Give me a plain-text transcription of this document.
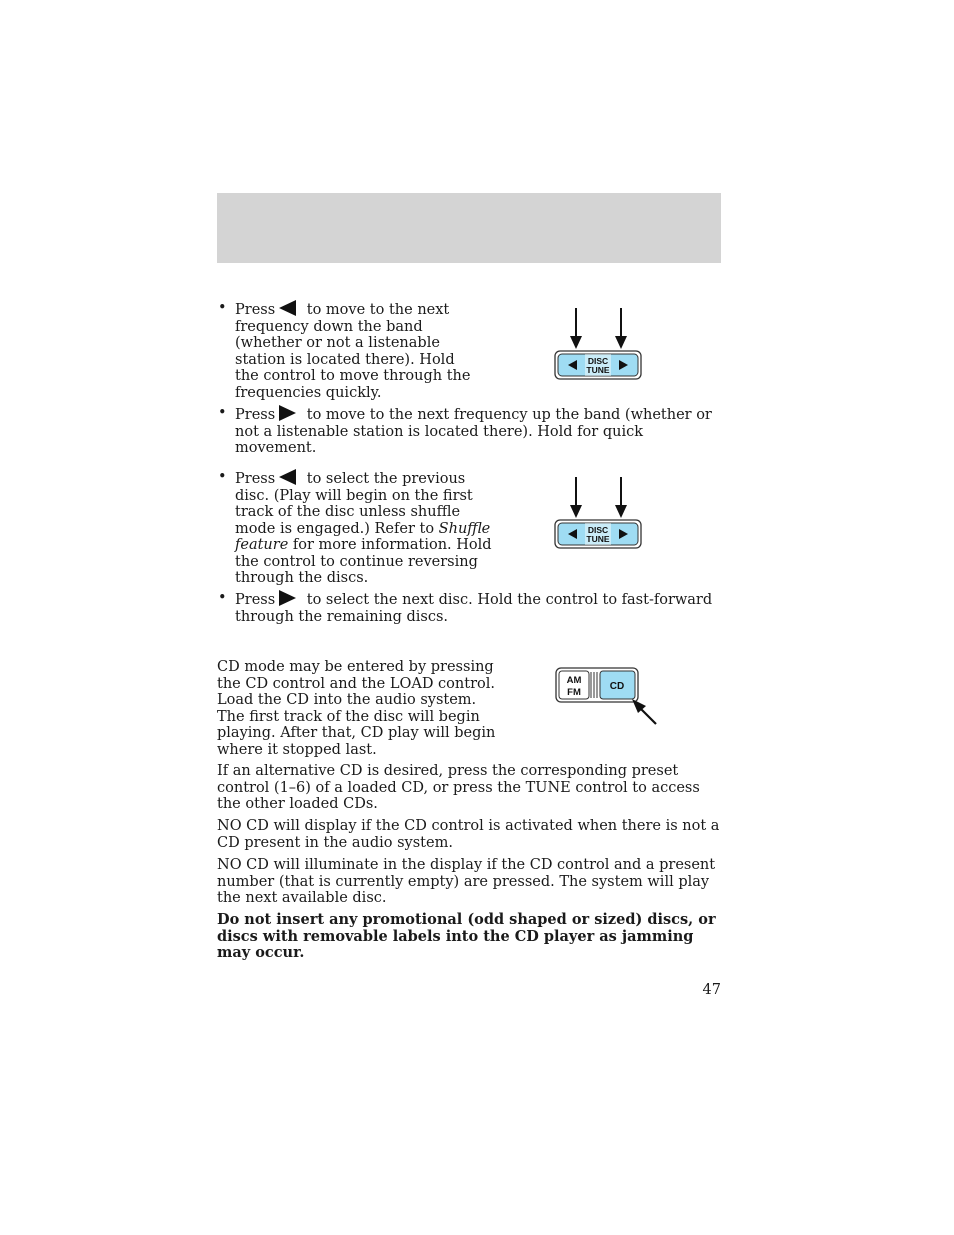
• Press to move to the next frequency down the band (whether or not a listenable station is located there). Hold the control to move through the frequencies quickly.

• Press to move to the next frequency up the band (whether or not a listenable station is located there). Hold for quick movement.

DISC
TUNE
• Press to select the previous disc. (Play will begin on the first track of the disc unless shuffle mode is engaged.) Refer to Shuffle feature for more information. Hold the control to continue reversing through the discs.

• Press to select the next disc. Hold the control to fast-forward through the remaining discs.

DISC
TUNE

CD mode may be entered by pressing the CD control and the LOAD control. Load the CD into the audio system. The first track of the disc will begin playing. After that, CD play will begin where it stopped last.

AM
FM
CD

If an alternative CD is desired, press the corresponding preset control (1–6) of a loaded CD, or press the TUNE control to access the other loaded CDs.

NO CD will display if the CD control is activated when there is not a CD present in the audio system.

NO CD will illuminate in the display if the CD control and a present number (that is currently empty) are pressed. The system will play the next available disc.

Do not insert any promotional (odd shaped or sized) discs, or discs with removable labels into the CD player as jamming may occur.

47
